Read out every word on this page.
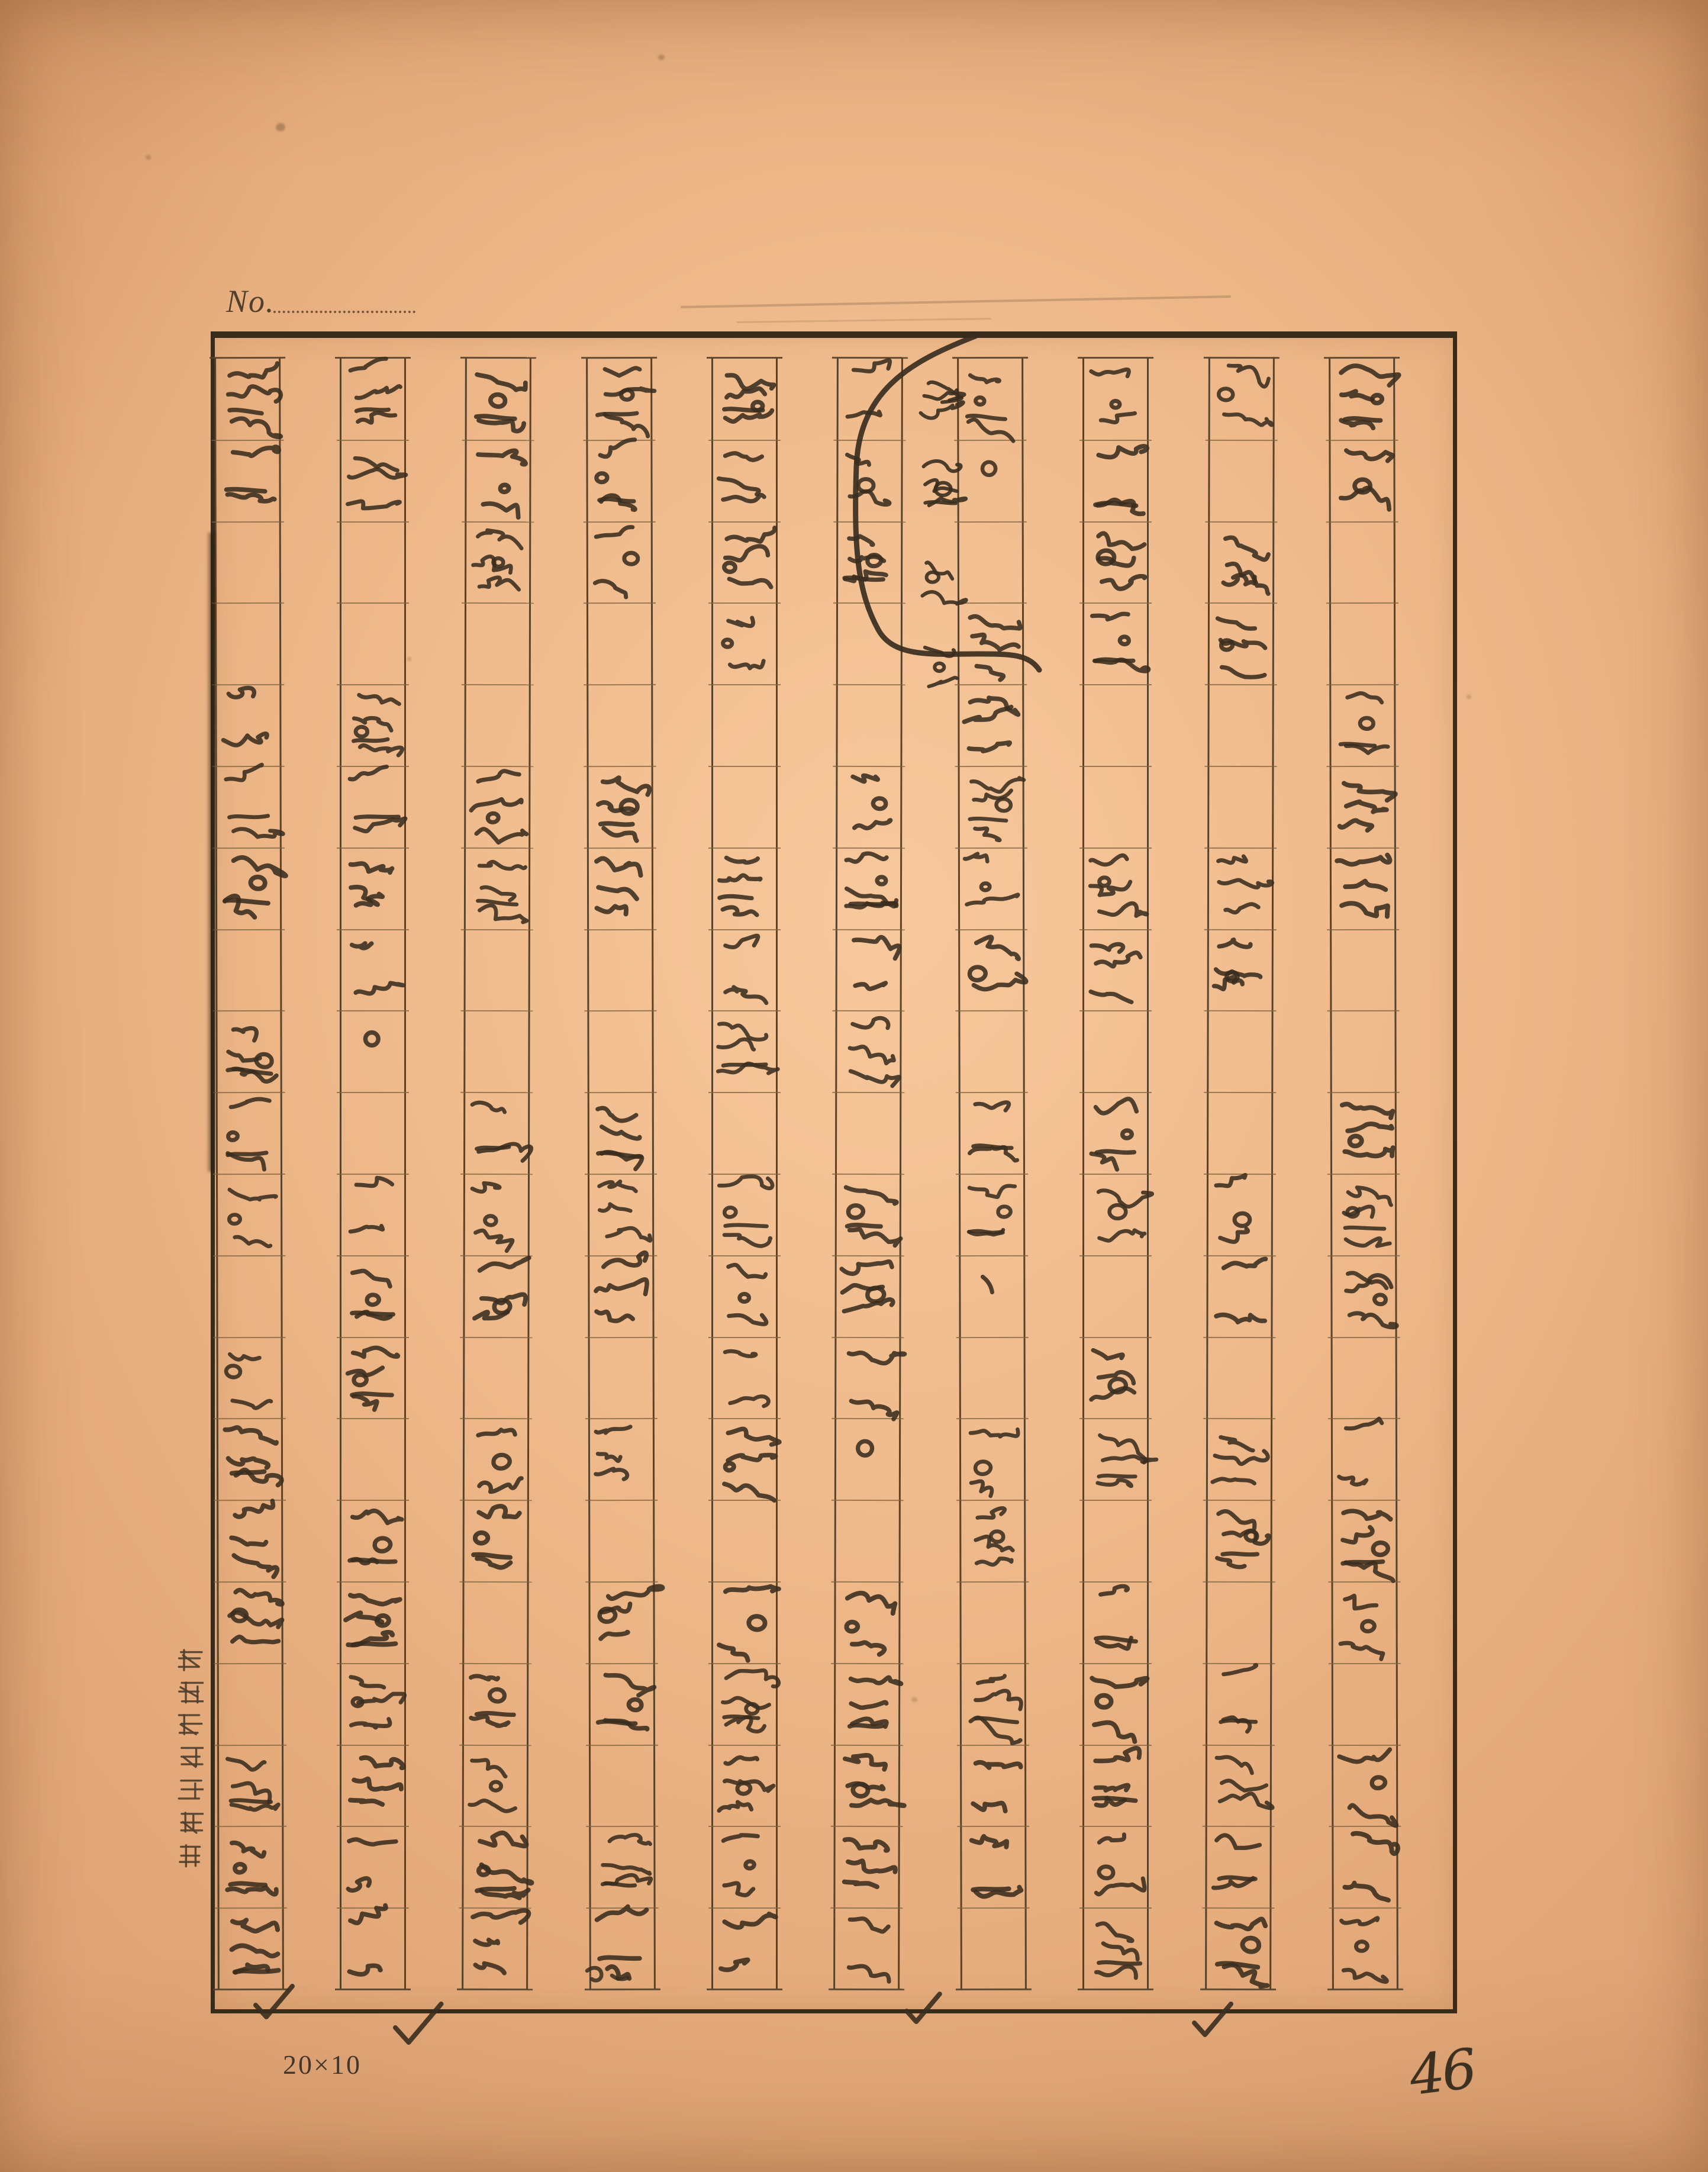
No.
20×10	46
